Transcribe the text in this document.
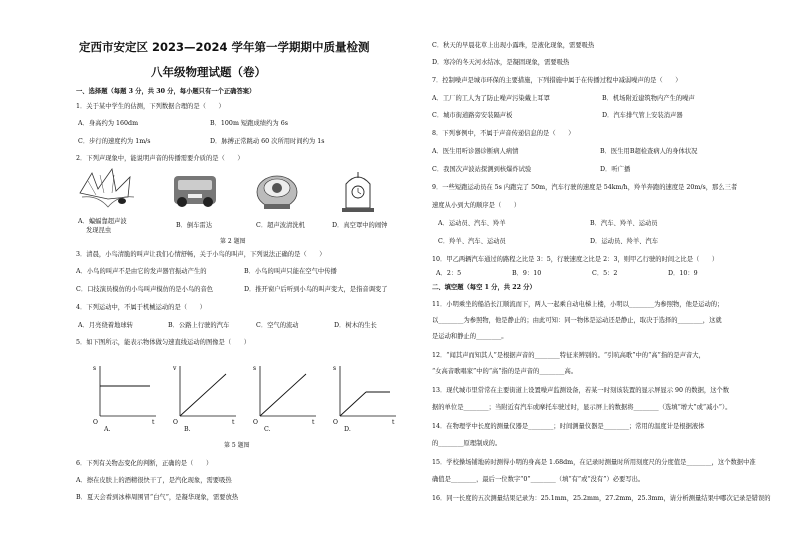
定西市安定区 2023—2024 学年第一学期期中质量检测
八年级物理试题（卷）
一、选择题（每题 3 分，共 30 分，每小题只有一个正确答案）
1．关于某中学生的估测，下列数据合理的是（　　）
A．身高约为 160dm	B．100m 短跑成绩约为 6s
C．步行的速度约为 1m/s	D．脉搏正常跳动 60 次所用时间约为 1s
2．下列声现象中，能说明声音的传播需要介质的是（　　）
A．蝙蝠靠超声波
发现昆虫
B．倒车雷达	C．超声波清洗机	D．真空罩中的闹钟
第 2 题图
3．清晨，小鸟清脆的叫声让我们心情舒畅，关于小鸟的叫声，下列说法正确的是（　　）
A．小鸟的叫声不是由它的发声器官振动产生的	B．小鸟的叫声只能在空气中传播
C．口技演员模仿的小鸟叫声模仿的是小鸟的音色	D．推开窗户后听到小鸟的叫声变大，是指音调变了
4．下列运动中，不属于机械运动的是（　　）
A．月亮绕着地球转	B．公路上行驶的汽车	C．空气的流动	D．树木的生长
5．如下图所示，能表示物体做匀速直线运动的图像是（　　）
s
t
O
v
t
O
s
t
O
s
t
O
A.	B.	C.	D.
第 5 题图
6．下列有关物态变化的判断，正确的是（　　）
A．擦在皮肤上的酒精很快干了，是汽化现象，需要吸热
B．夏天会看到冰棒周围冒“白气”，是凝华现象，需要放热
C．秋天的早晨花草上出现小露珠，是液化现象，需要吸热
D．寒冷的冬天河水结冰，是凝固现象，需要吸热
7．控制噪声是城市环保的主要措施，下列措施中属于在传播过程中减弱噪声的是（　　）
A．工厂的工人为了防止噪声污染戴上耳罩	B．机场附近建筑物内产生的噪声
C．城市街道路旁安装隔声板	D．汽车排气管上安装消声器
8．下列事例中，不属于声音传递信息的是（　　）
A．医生用听诊器诊断病人病情	B．医生用B超检查病人的身体状况
C．我国次声波站探测到核爆炸试验	D．听广播
9．一些短跑运动员在 5s 内跑完了 50m，汽车行驶的速度是 54km/h，羚羊奔跑的速度是 20m/s，那么三者
速度从小到大的顺序是（　　）
A．运动员、汽车、羚羊	B．汽车、羚羊、运动员
C．羚羊、汽车、运动员	D．运动员、羚羊、汽车
10．甲乙两辆汽车通过的路程之比是 3：5，行驶速度之比是 2：3，则甲乙行驶的时间之比是（　　）
A．2：5	B．9：10	C．5：2	D．10：9
二、填空题（每空 1 分，共 22 分）
11．小明乘坐的船沿长江顺流而下，两人一起乘自动电梯上楼，小明以________为参照物，他是运动的；
以________为参照物，他是静止的；由此可知：同一物体是运动还是静止，取决于选择的________，这就
是运动和静止的________。
12．“闻其声而知其人”是根据声音的________特征来辨别的。“引吭高歌”中的“高”指的是声音大，
“女高音歌唱家”中的“高”指的是声音的________高。
13．现代城市里常常在主要街道上设置噪声监测设备，若某一时刻该装置的显示屏显示 90 的数据，这个数
据的单位是________；当附近有汽车或摩托车驶过时，显示屏上的数据将________（选填“增大”或“减小”）。
14．在物理学中长度的测量仪器是________；时间测量仪器是________；常用的温度计是根据液体
的________原理制成的。
15．学校操场铺地砖时测得小明的身高是 1.68dm，在记录时测量时所用刻度尺的分度值是________，这个数据中准
确值是________，最后一位数字“0”________（填“有”或“没有”）必要写出。
16．同一长度的五次测量结果记录为：25.1mm，25.2mm，27.2mm，25.3mm，请分析测量结果中哪次记录是错误的
